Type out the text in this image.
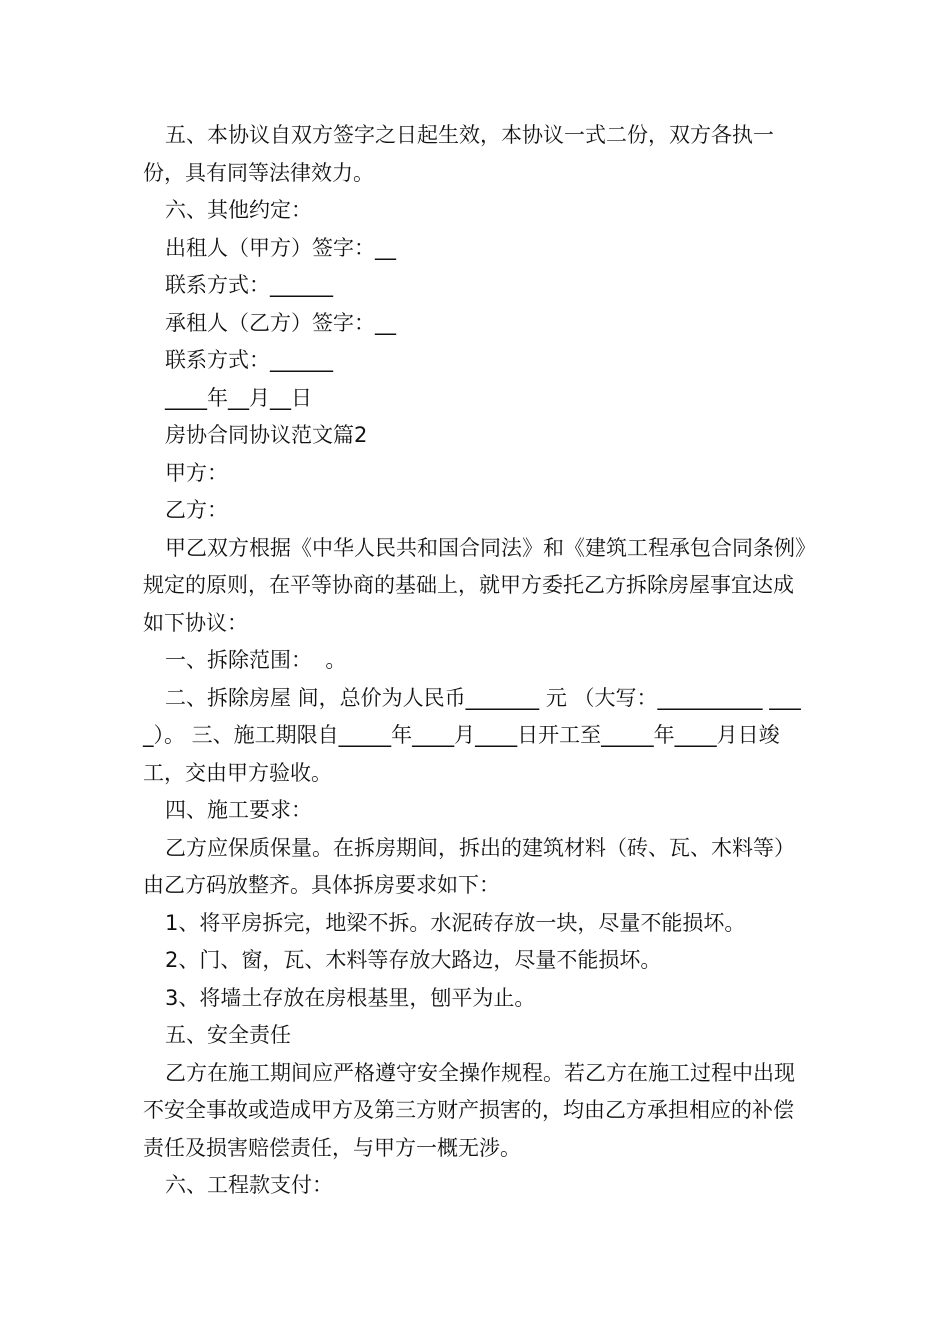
五、本协议自双方签字之日起生效，本协议一式二份，双方各执一份，具有同等法律效力。

六、其他约定：

出租人（甲方）签字：__

联系方式：______

承租人（乙方）签字：__

联系方式：______

____年__月__日

房协合同协议范文篇2

甲方：

乙方：

甲乙双方根据《中华人民共和国合同法》和《建筑工程承包合同条例》规定的原则，在平等协商的基础上，就甲方委托乙方拆除房屋事宜达成如下协议：

一、拆除范围：  。

二、拆除房屋 间，总价为人民币_______ 元 （大写：__________ ____）。 三、施工期限自_____年____月____日开工至_____年____月日竣工，交由甲方验收。

四、施工要求：

乙方应保质保量。在拆房期间，拆出的建筑材料（砖、瓦、木料等）由乙方码放整齐。具体拆房要求如下：

1、将平房拆完，地梁不拆。水泥砖存放一块，尽量不能损坏。

2、门、窗，瓦、木料等存放大路边，尽量不能损坏。

3、将墙土存放在房根基里，刨平为止。

五、安全责任

乙方在施工期间应严格遵守安全操作规程。若乙方在施工过程中出现不安全事故或造成甲方及第三方财产损害的，均由乙方承担相应的补偿责任及损害赔偿责任，与甲方一概无涉。

六、工程款支付：
